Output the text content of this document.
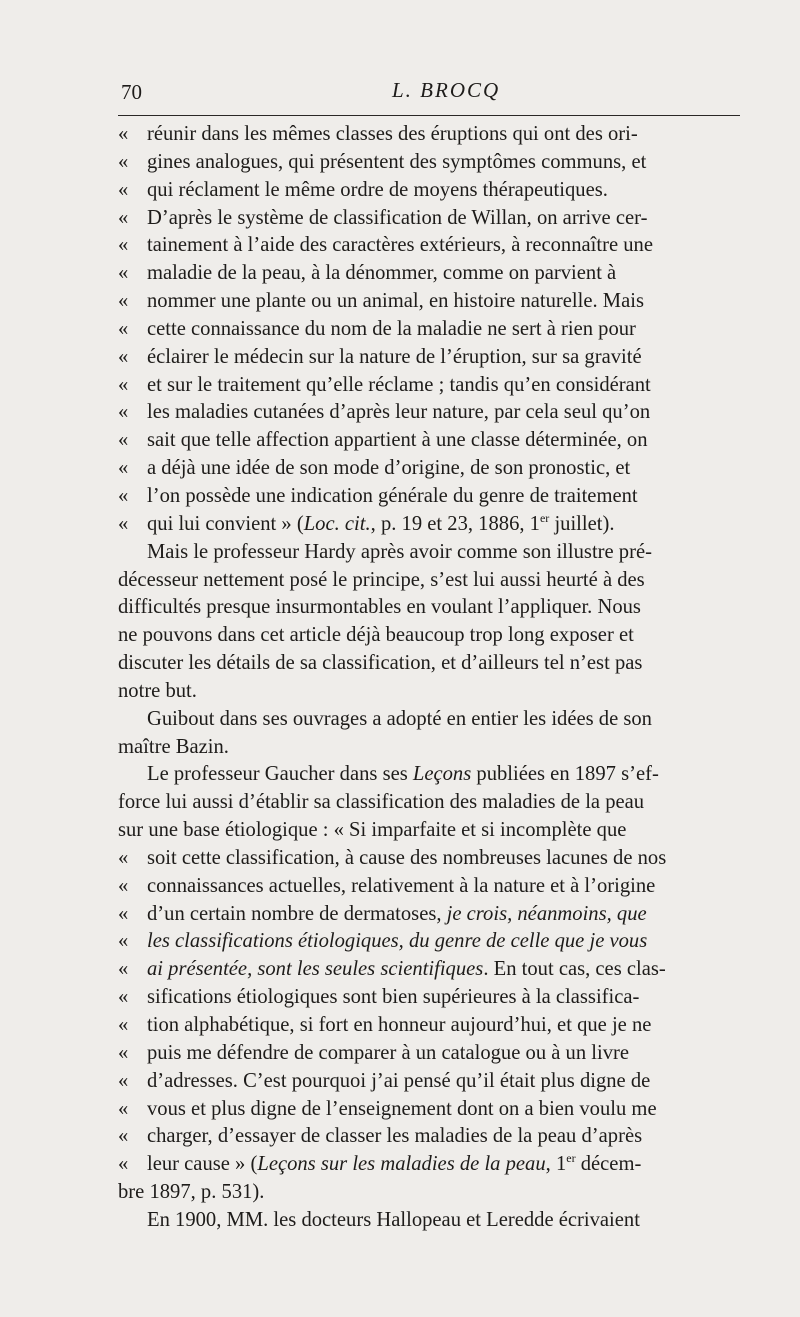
70	L. BROCQ
« réunir dans les mêmes classes des éruptions qui ont des ori-
« gines analogues, qui présentent des symptômes communs, et
« qui réclament le même ordre de moyens thérapeutiques.
« D’après le système de classification de Willan, on arrive cer-
« tainement à l’aide des caractères extérieurs, à reconnaître une
« maladie de la peau, à la dénommer, comme on parvient à
« nommer une plante ou un animal, en histoire naturelle. Mais
« cette connaissance du nom de la maladie ne sert à rien pour
« éclairer le médecin sur la nature de l’éruption, sur sa gravité
« et sur le traitement qu’elle réclame ; tandis qu’en considérant
« les maladies cutanées d’après leur nature, par cela seul qu’on
« sait que telle affection appartient à une classe déterminée, on
« a déjà une idée de son mode d’origine, de son pronostic, et
« l’on possède une indication générale du genre de traitement
« qui lui convient » (Loc. cit., p. 19 et 23, 1886, 1er juillet).
Mais le professeur Hardy après avoir comme son illustre pré-
décesseur nettement posé le principe, s’est lui aussi heurté à des
difficultés presque insurmontables en voulant l’appliquer. Nous
ne pouvons dans cet article déjà beaucoup trop long exposer et
discuter les détails de sa classification, et d’ailleurs tel n’est pas
notre but.
Guibout dans ses ouvrages a adopté en entier les idées de son
maître Bazin.
Le professeur Gaucher dans ses Leçons publiées en 1897 s’ef-
force lui aussi d’établir sa classification des maladies de la peau
sur une base étiologique : « Si imparfaite et si incomplète que
« soit cette classification, à cause des nombreuses lacunes de nos
« connaissances actuelles, relativement à la nature et à l’origine
« d’un certain nombre de dermatoses, je crois, néanmoins, que
« les classifications étiologiques, du genre de celle que je vous
« ai présentée, sont les seules scientifiques. En tout cas, ces clas-
« sifications étiologiques sont bien supérieures à la classifica-
« tion alphabétique, si fort en honneur aujourd’hui, et que je ne
« puis me défendre de comparer à un catalogue ou à un livre
« d’adresses. C’est pourquoi j’ai pensé qu’il était plus digne de
« vous et plus digne de l’enseignement dont on a bien voulu me
« charger, d’essayer de classer les maladies de la peau d’après
« leur cause » (Leçons sur les maladies de la peau, 1er décem-
bre 1897, p. 531).
En 1900, MM. les docteurs Hallopeau et Leredde écrivaient
